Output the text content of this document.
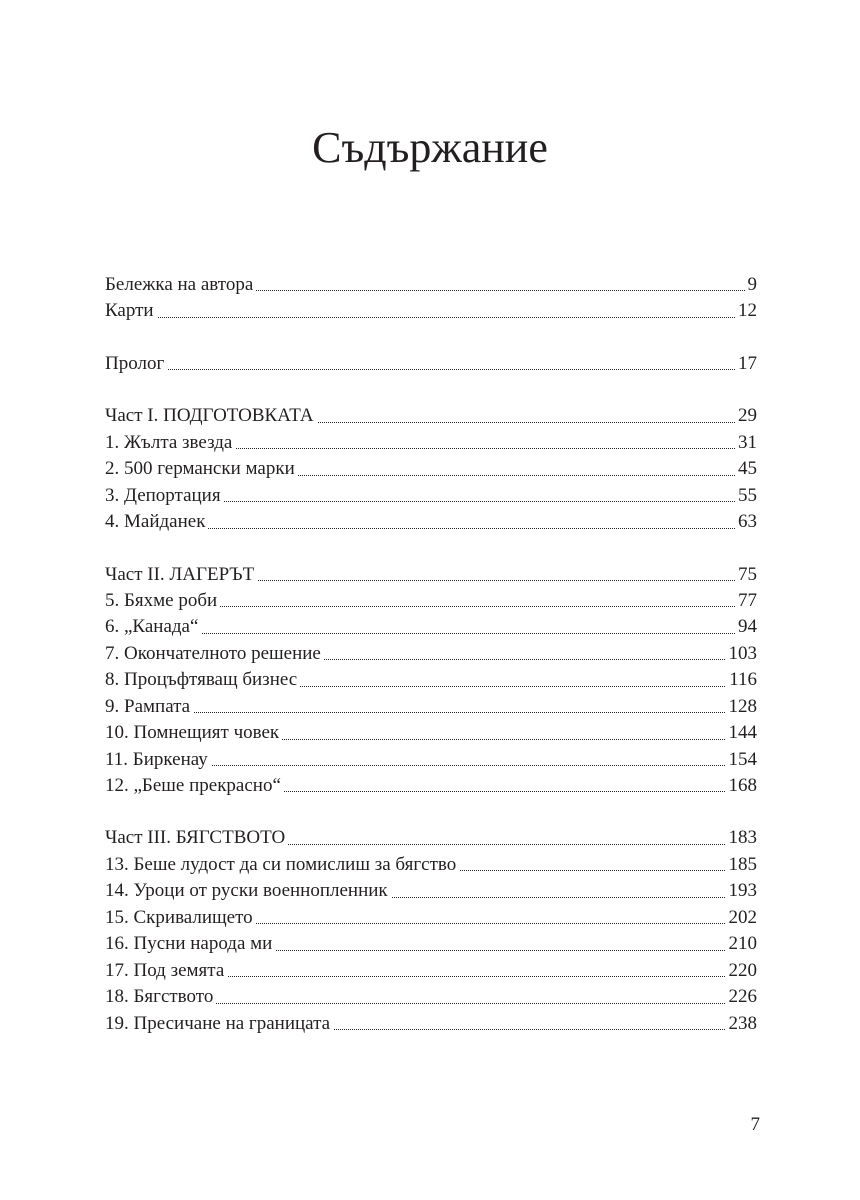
Съдържание
Бележка на автора	9
Карти	12
Пролог	17
Част I. ПОДГОТОВКАТА	29
1. Жълта звезда	31
2. 500 германски марки	45
3. Депортация	55
4. Майданек	63
Част II. ЛАГЕРЪТ	75
5. Бяхме роби	77
6. „Канада“	94
7. Окончателното решение	103
8. Процъфтяващ бизнес	116
9. Рампата	128
10. Помнещият човек	144
11. Биркенау	154
12. „Беше прекрасно“	168
Част III. БЯГСТВОТО	183
13. Беше лудост да си помислиш за бягство	185
14. Уроци от руски военнопленник	193
15. Скривалището	202
16. Пусни народа ми	210
17. Под земята	220
18. Бягството	226
19. Пресичане на границата	238
7
